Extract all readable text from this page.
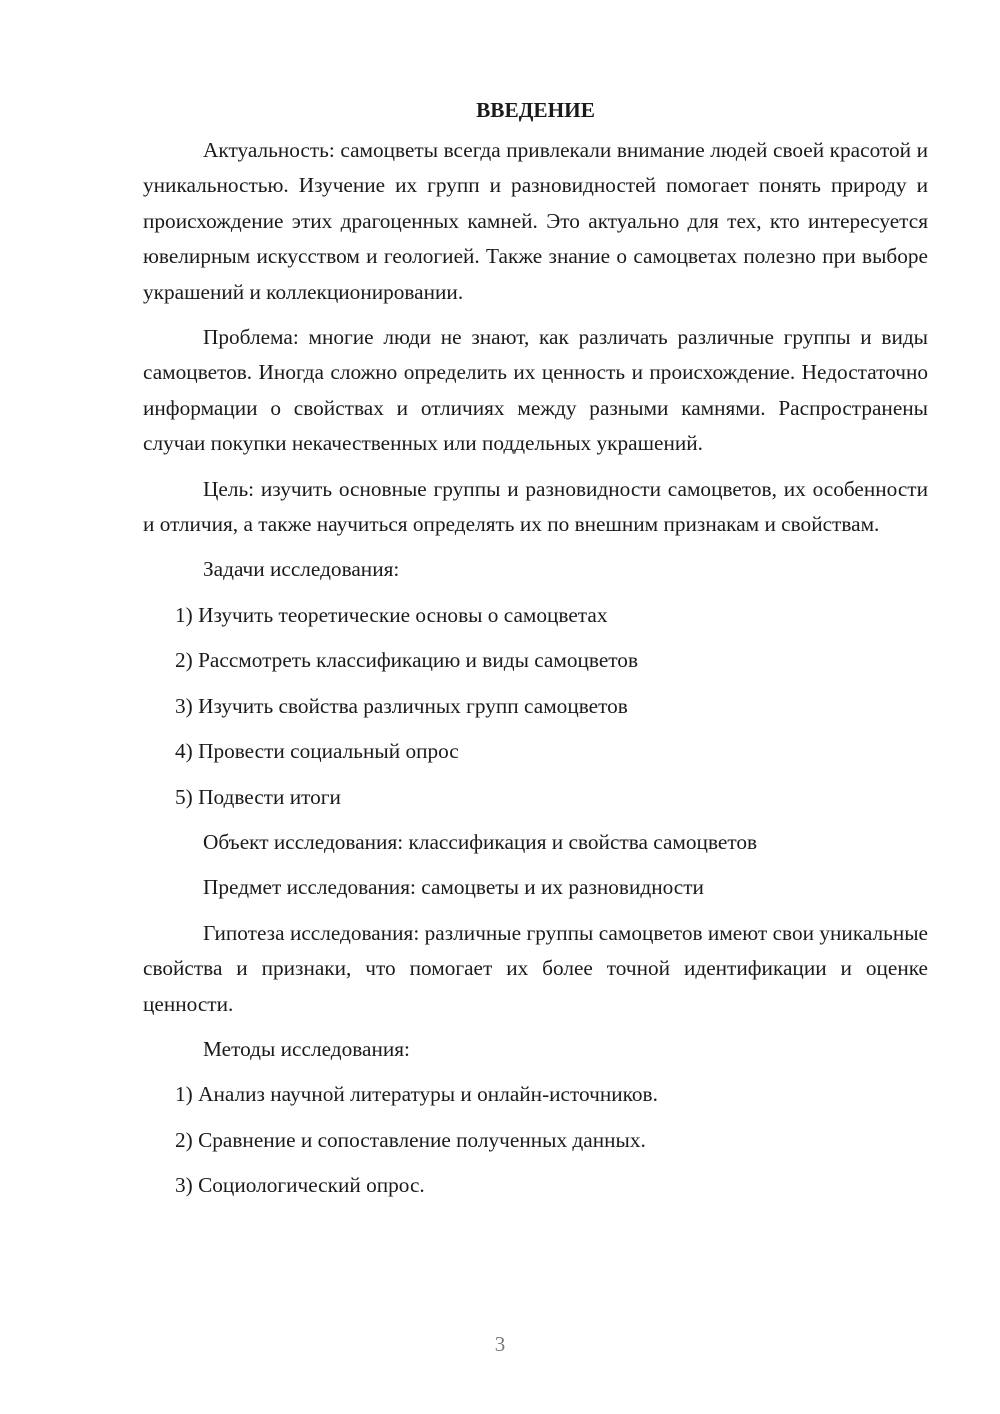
ВВЕДЕНИЕ

Актуальность: самоцветы всегда привлекали внимание людей своей красотой и уникальностью. Изучение их групп и разновидностей помогает понять природу и происхождение этих драгоценных камней. Это актуально для тех, кто интересуется ювелирным искусством и геологией. Также знание о самоцветах полезно при выборе украшений и коллекционировании.

Проблема: многие люди не знают, как различать различные группы и виды самоцветов. Иногда сложно определить их ценность и происхождение. Недостаточно информации о свойствах и отличиях между разными камнями. Распространены случаи покупки некачественных или поддельных украшений.

Цель: изучить основные группы и разновидности самоцветов, их особенности и отличия, а также научиться определять их по внешним признакам и свойствам.

Задачи исследования:

1) Изучить теоретические основы о самоцветах
2) Рассмотреть классификацию и виды самоцветов
3) Изучить свойства различных групп самоцветов
4) Провести социальный опрос
5) Подвести итоги

Объект исследования: классификация и свойства самоцветов

Предмет исследования: самоцветы и их разновидности

Гипотеза исследования: различные группы самоцветов имеют свои уникальные свойства и признаки, что помогает их более точной идентификации и оценке ценности.

Методы исследования:

1) Анализ научной литературы и онлайн-источников.
2) Сравнение и сопоставление полученных данных.
3) Социологический опрос.
3
